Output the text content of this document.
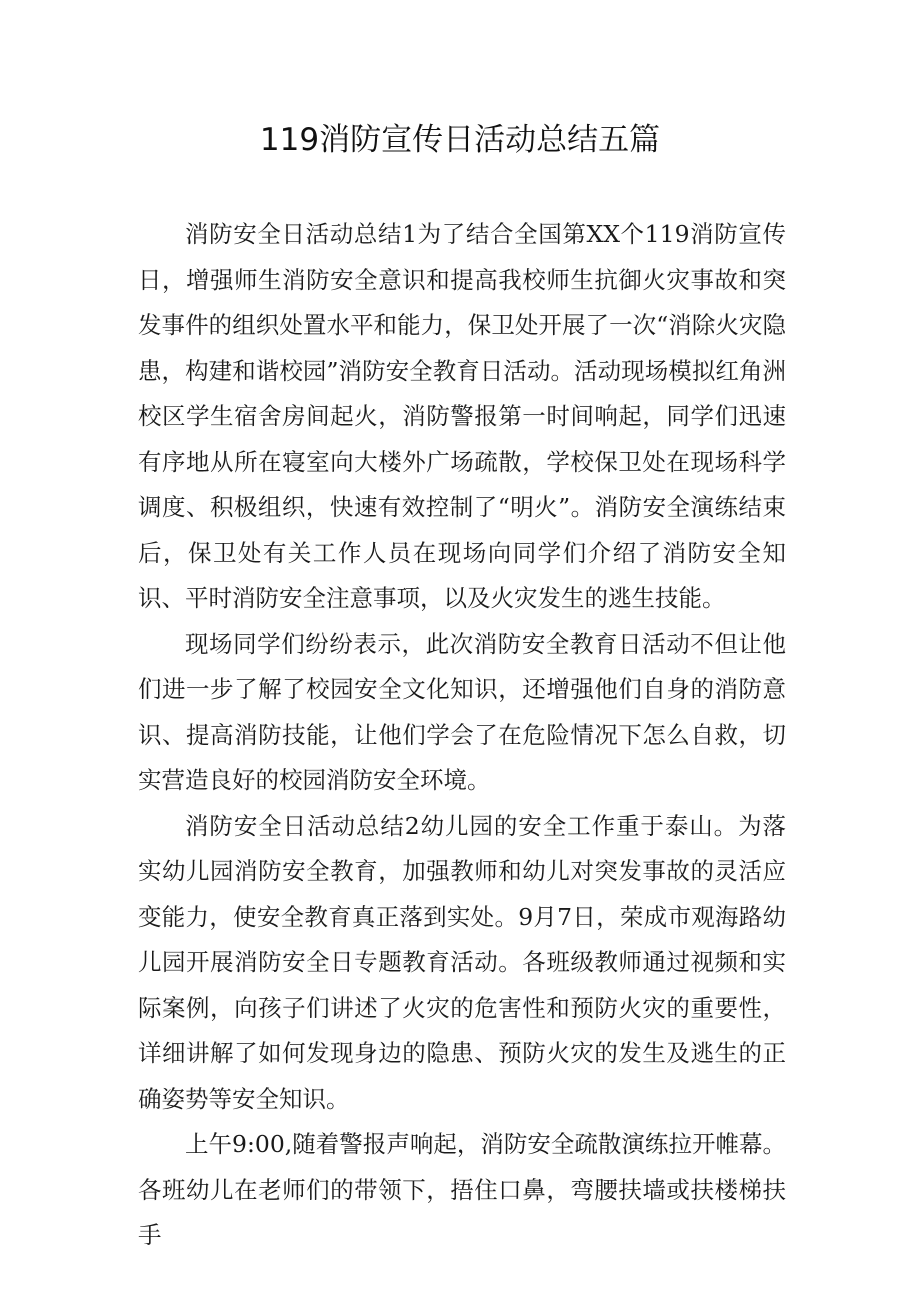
119消防宣传日活动总结五篇

消防安全日活动总结1为了结合全国第XX个119消防宣传日，增强师生消防安全意识和提高我校师生抗御火灾事故和突发事件的组织处置水平和能力，保卫处开展了一次“消除火灾隐患，构建和谐校园”消防安全教育日活动。活动现场模拟红角洲校区学生宿舍房间起火，消防警报第一时间响起，同学们迅速有序地从所在寝室向大楼外广场疏散，学校保卫处在现场科学调度、积极组织，快速有效控制了“明火”。消防安全演练结束后，保卫处有关工作人员在现场向同学们介绍了消防安全知识、平时消防安全注意事项，以及火灾发生的逃生技能。

现场同学们纷纷表示，此次消防安全教育日活动不但让他们进一步了解了校园安全文化知识，还增强他们自身的消防意识、提高消防技能，让他们学会了在危险情况下怎么自救，切实营造良好的校园消防安全环境。

消防安全日活动总结2幼儿园的安全工作重于泰山。为落实幼儿园消防安全教育，加强教师和幼儿对突发事故的灵活应变能力，使安全教育真正落到实处。9月7日，荣成市观海路幼儿园开展消防安全日专题教育活动。各班级教师通过视频和实际案例，向孩子们讲述了火灾的危害性和预防火灾的重要性，详细讲解了如何发现身边的隐患、预防火灾的发生及逃生的正确姿势等安全知识。

上午9:00,随着警报声响起，消防安全疏散演练拉开帷幕。各班幼儿在老师们的带领下，捂住口鼻，弯腰扶墙或扶楼梯扶手
